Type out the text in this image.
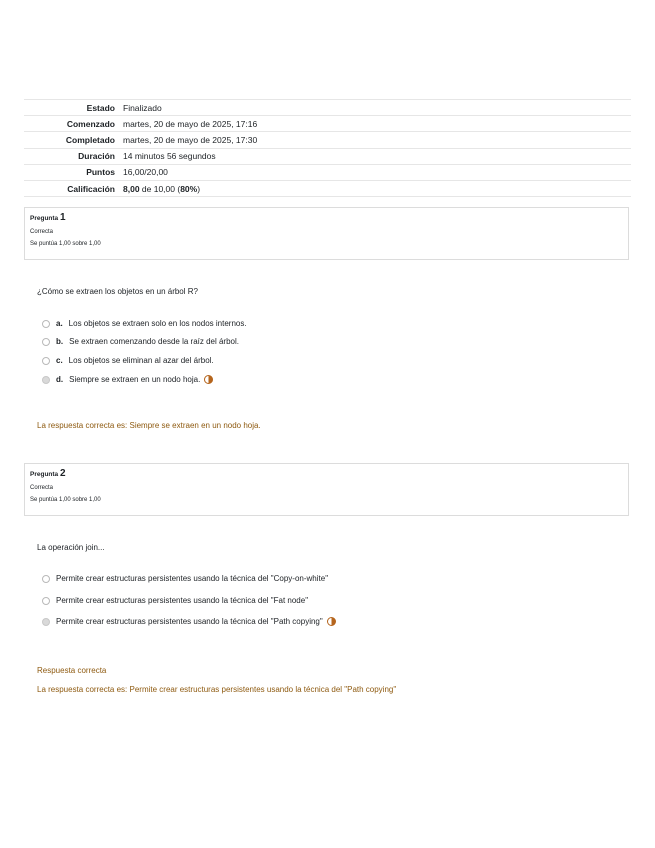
Estado	Finalizado
Comenzado	martes, 20 de mayo de 2025, 17:16
Completado	martes, 20 de mayo de 2025, 17:30
Duración	14 minutos 56 segundos
Puntos	16,00/20,00
Calificación	8,00 de 10,00 (80%)
Pregunta 1
Correcta
Se puntúa 1,00 sobre 1,00
¿Cómo se extraen los objetos en un árbol R?
a. Los objetos se extraen solo en los nodos internos.
b. Se extraen comenzando desde la raíz del árbol.
c. Los objetos se eliminan al azar del árbol.
d. Siempre se extraen en un nodo hoja.
La respuesta correcta es: Siempre se extraen en un nodo hoja.
Pregunta 2
Correcta
Se puntúa 1,00 sobre 1,00
La operación join...
Permite crear estructuras persistentes usando la técnica del "Copy-on-white"
Permite crear estructuras persistentes usando la técnica del "Fat node"
Permite crear estructuras persistentes usando la técnica del "Path copying"
Respuesta correcta
La respuesta correcta es: Permite crear estructuras persistentes usando la técnica del "Path copying"
